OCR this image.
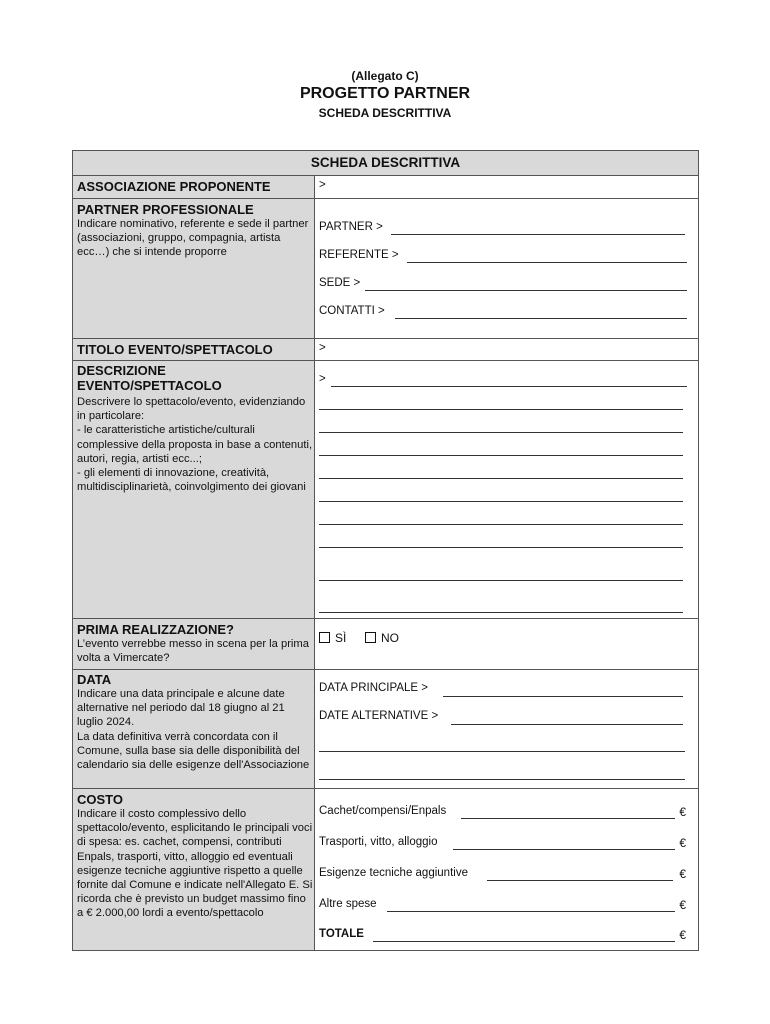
(Allegato C)
PROGETTO PARTNER
SCHEDA DESCRITTIVA
SCHEDA DESCRITTIVA
ASSOCIAZIONE PROPONENTE	>
PARTNER PROFESSIONALE
Indicare nominativo, referente e sede il partner (associazioni, gruppo, compagnia, artista ecc…) che si intende proporre
PARTNER >
REFERENTE >
SEDE >
CONTATTI >
TITOLO EVENTO/SPETTACOLO	>
DESCRIZIONE EVENTO/SPETTACOLO
Descrivere lo spettacolo/evento, evidenziando in particolare:
- le caratteristiche artistiche/culturali complessive della proposta in base a contenuti, autori, regia, artisti ecc...;
- gli elementi di innovazione, creatività, multidisciplinarietà, coinvolgimento dei giovani
>
PRIMA REALIZZAZIONE?
L’evento verrebbe messo in scena per la prima volta a Vimercate?
SÌ	NO
DATA
Indicare una data principale e alcune date alternative nel periodo dal 18 giugno al 21 luglio 2024.
La data definitiva verrà concordata con il Comune, sulla base sia delle disponibilità del calendario sia delle esigenze dell'Associazione
DATA PRINCIPALE >
DATE ALTERNATIVE >
COSTO
Indicare il costo complessivo dello spettacolo/evento, esplicitando le principali voci di spesa: es. cachet, compensi, contributi Enpals, trasporti, vitto, alloggio ed eventuali esigenze tecniche aggiuntive rispetto a quelle fornite dal Comune e indicate nell'Allegato E. Si ricorda che è previsto un budget massimo fino a € 2.000,00 lordi a evento/spettacolo
Cachet/compensi/Enpals	€
Trasporti, vitto, alloggio	€
Esigenze tecniche aggiuntive	€
Altre spese	€
TOTALE	€
